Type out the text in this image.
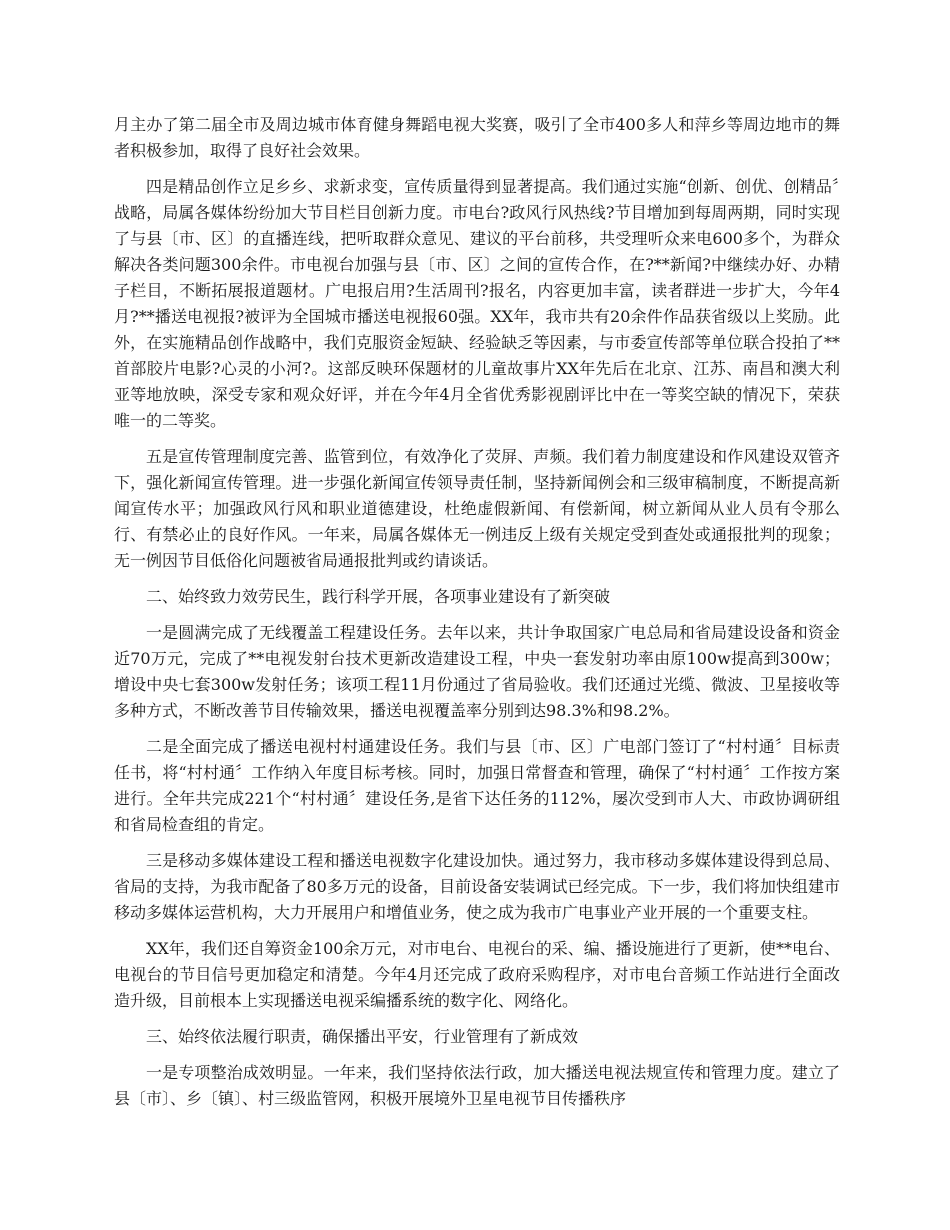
月主办了第二届全市及周边城市体育健身舞蹈电视大奖赛，吸引了全市400多人和萍乡等周边地市的舞者积极参加，取得了良好社会效果。

四是精品创作立足乡乡、求新求变，宣传质量得到显著提高。我们通过实施“创新、创优、创精品〞战略，局属各媒体纷纷加大节目栏目创新力度。市电台?政风行风热线?节目增加到每周两期，同时实现了与县〔市、区〕的直播连线，把听取群众意见、建议的平台前移，共受理听众来电600多个，为群众解决各类问题300余件。市电视台加强与县〔市、区〕之间的宣传合作，在?**新闻?中继续办好、办精子栏目，不断拓展报道题材。广电报启用?生活周刊?报名，内容更加丰富，读者群进一步扩大，今年4月?**播送电视报?被评为全国城市播送电视报60强。XX年，我市共有20余件作品获省级以上奖励。此外，在实施精品创作战略中，我们克服资金短缺、经验缺乏等因素，与市委宣传部等单位联合投拍了**首部胶片电影?心灵的小河?。这部反映环保题材的儿童故事片XX年先后在北京、江苏、南昌和澳大利亚等地放映，深受专家和观众好评，并在今年4月全省优秀影视剧评比中在一等奖空缺的情况下，荣获唯一的二等奖。

五是宣传管理制度完善、监管到位，有效净化了荧屏、声频。我们着力制度建设和作风建设双管齐下，强化新闻宣传管理。进一步强化新闻宣传领导责任制，坚持新闻例会和三级审稿制度，不断提高新闻宣传水平；加强政风行风和职业道德建设，杜绝虚假新闻、有偿新闻，树立新闻从业人员有令那么行、有禁必止的良好作风。一年来，局属各媒体无一例违反上级有关规定受到查处或通报批判的现象；无一例因节目低俗化问题被省局通报批判或约请谈话。

二、始终致力效劳民生，践行科学开展，各项事业建设有了新突破

一是圆满完成了无线覆盖工程建设任务。去年以来，共计争取国家广电总局和省局建设设备和资金近70万元，完成了**电视发射台技术更新改造建设工程，中央一套发射功率由原100w提高到300w；增设中央七套300w发射任务；该项工程11月份通过了省局验收。我们还通过光缆、微波、卫星接收等多种方式，不断改善节目传输效果，播送电视覆盖率分别到达98.3%和98.2%。

二是全面完成了播送电视村村通建设任务。我们与县〔市、区〕广电部门签订了“村村通〞目标责任书，将“村村通〞工作纳入年度目标考核。同时，加强日常督查和管理，确保了“村村通〞工作按方案进行。全年共完成221个“村村通〞建设任务,是省下达任务的112%，屡次受到市人大、市政协调研组和省局检查组的肯定。

三是移动多媒体建设工程和播送电视数字化建设加快。通过努力，我市移动多媒体建设得到总局、省局的支持，为我市配备了80多万元的设备，目前设备安装调试已经完成。下一步，我们将加快组建市移动多媒体运营机构，大力开展用户和增值业务，使之成为我市广电事业产业开展的一个重要支柱。

XX年，我们还自筹资金100余万元，对市电台、电视台的采、编、播设施进行了更新，使**电台、电视台的节目信号更加稳定和清楚。今年4月还完成了政府采购程序，对市电台音频工作站进行全面改造升级，目前根本上实现播送电视采编播系统的数字化、网络化。

三、始终依法履行职责，确保播出平安，行业管理有了新成效

一是专项整治成效明显。一年来，我们坚持依法行政，加大播送电视法规宣传和管理力度。建立了县〔市〕、乡〔镇〕、村三级监管网，积极开展境外卫星电视节目传播秩序
